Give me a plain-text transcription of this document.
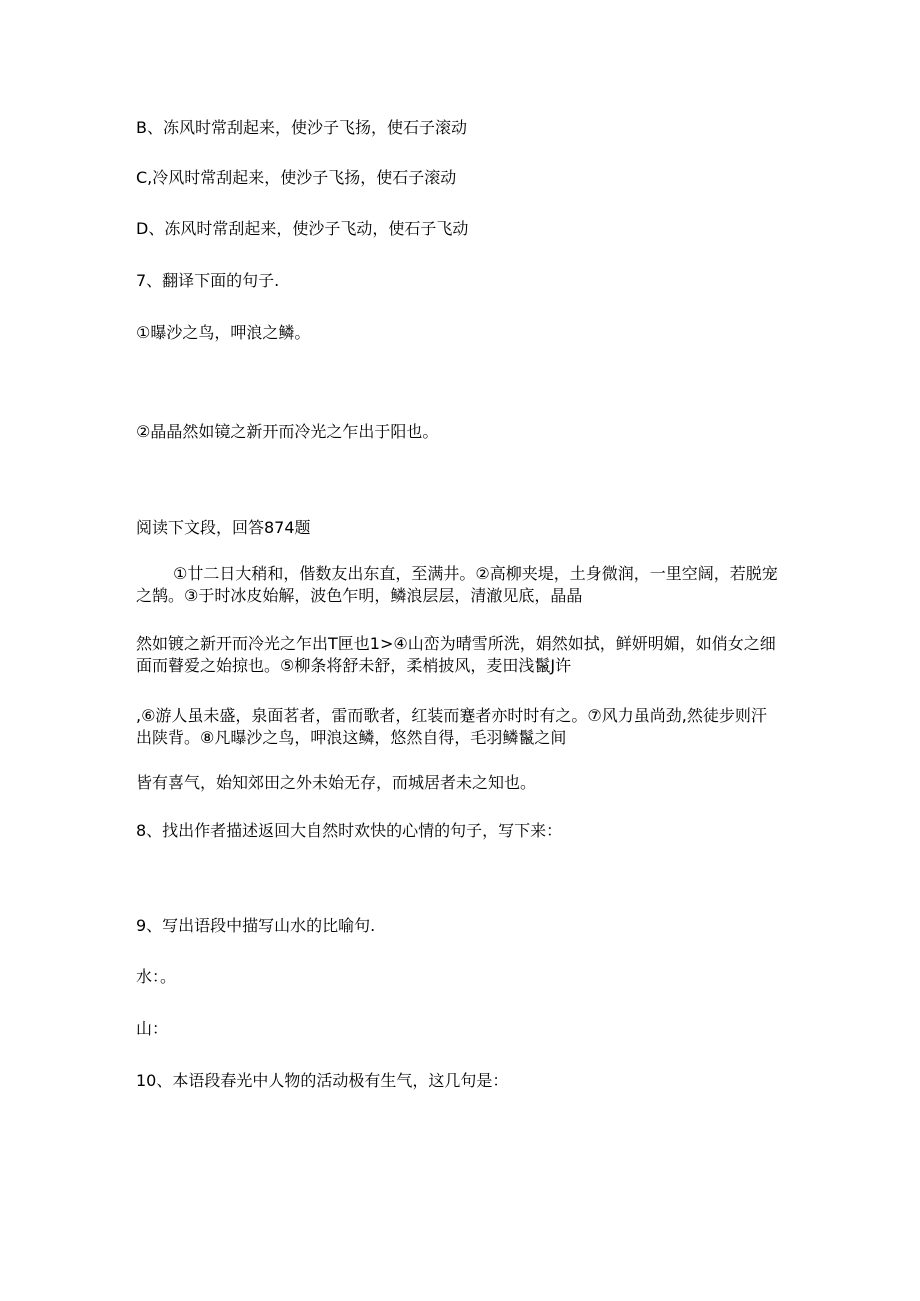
B、冻风时常刮起来，使沙子飞扬，使石子滚动
C,冷风时常刮起来，使沙子飞扬，使石子滚动
D、冻风时常刮起来，使沙子飞动，使石子飞动
7、翻译下面的句子.
①曝沙之鸟，呷浪之鳞。
②晶晶然如镜之新开而冷光之乍出于阳也。
阅读下文段，回答874题
①廿二日大稍和，偕数友出东直，至满井。②高柳夹堤，土身微润，一里空阔，若脱宠之鹄。③于时冰皮始解，波色乍明，鳞浪层层，清澈见底，晶晶
然如镀之新开而冷光之乍出T匣也1>④山峦为晴雪所洗，娟然如拭，鲜妍明媚，如俏女之细面而瞽爱之始掠也。⑤柳条将舒未舒，柔梢披风，麦田浅鬣J许
,⑥游人虽未盛，泉面茗者，雷而歌者，红装而蹇者亦时时有之。⑦风力虽尚劲,然徒步则汗出陕背。⑧凡曝沙之鸟，呷浪这鳞，悠然自得，毛羽鳞鬣之间
皆有喜气，始知郊田之外未始无存，而城居者未之知也。
8、找出作者描述返回大自然时欢快的心情的句子，写下来：
9、写出语段中描写山水的比喻句.
水：。
山：
10、本语段春光中人物的活动极有生气，这几句是：
